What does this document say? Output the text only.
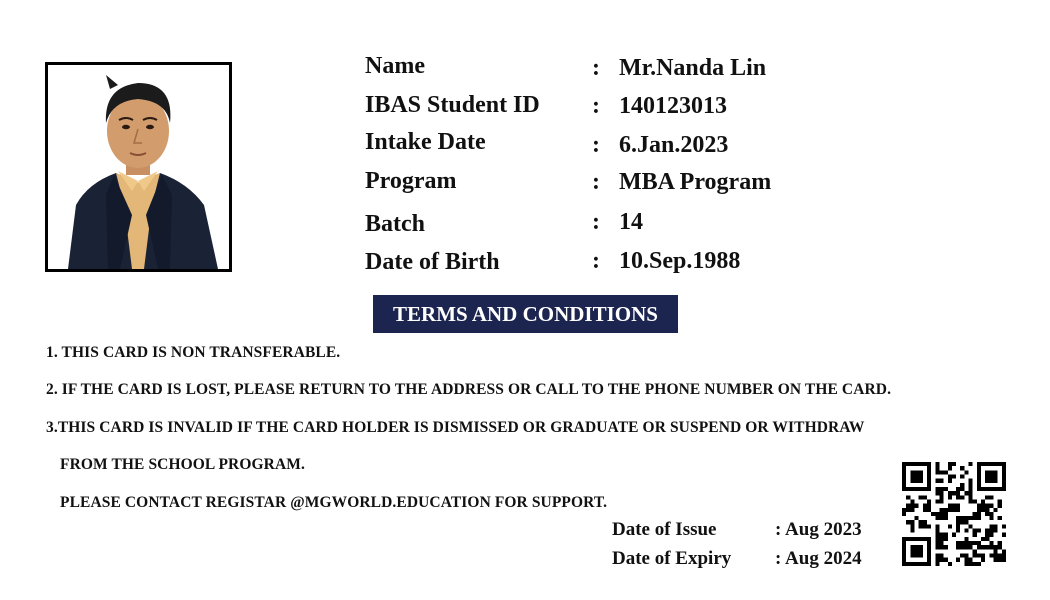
Name	: Mr.Nanda Lin
IBAS Student ID : 140123013
Intake Date	: 6.Jan.2023
Program	: MBA Program
Batch	: 14
Date of Birth	: 10.Sep.1988
TERMS AND CONDITIONS
1. THIS CARD IS NON TRANSFERABLE.
2. IF THE CARD IS LOST, PLEASE RETURN TO THE ADDRESS OR CALL TO THE PHONE NUMBER ON THE CARD.
3.THIS CARD IS INVALID IF THE CARD HOLDER IS DISMISSED OR GRADUATE OR SUSPEND OR WITHDRAW
FROM THE SCHOOL PROGRAM.
PLEASE CONTACT REGISTAR @MGWORLD.EDUCATION FOR SUPPORT.
Date of Issue	: Aug 2023
Date of Expiry : Aug 2024
